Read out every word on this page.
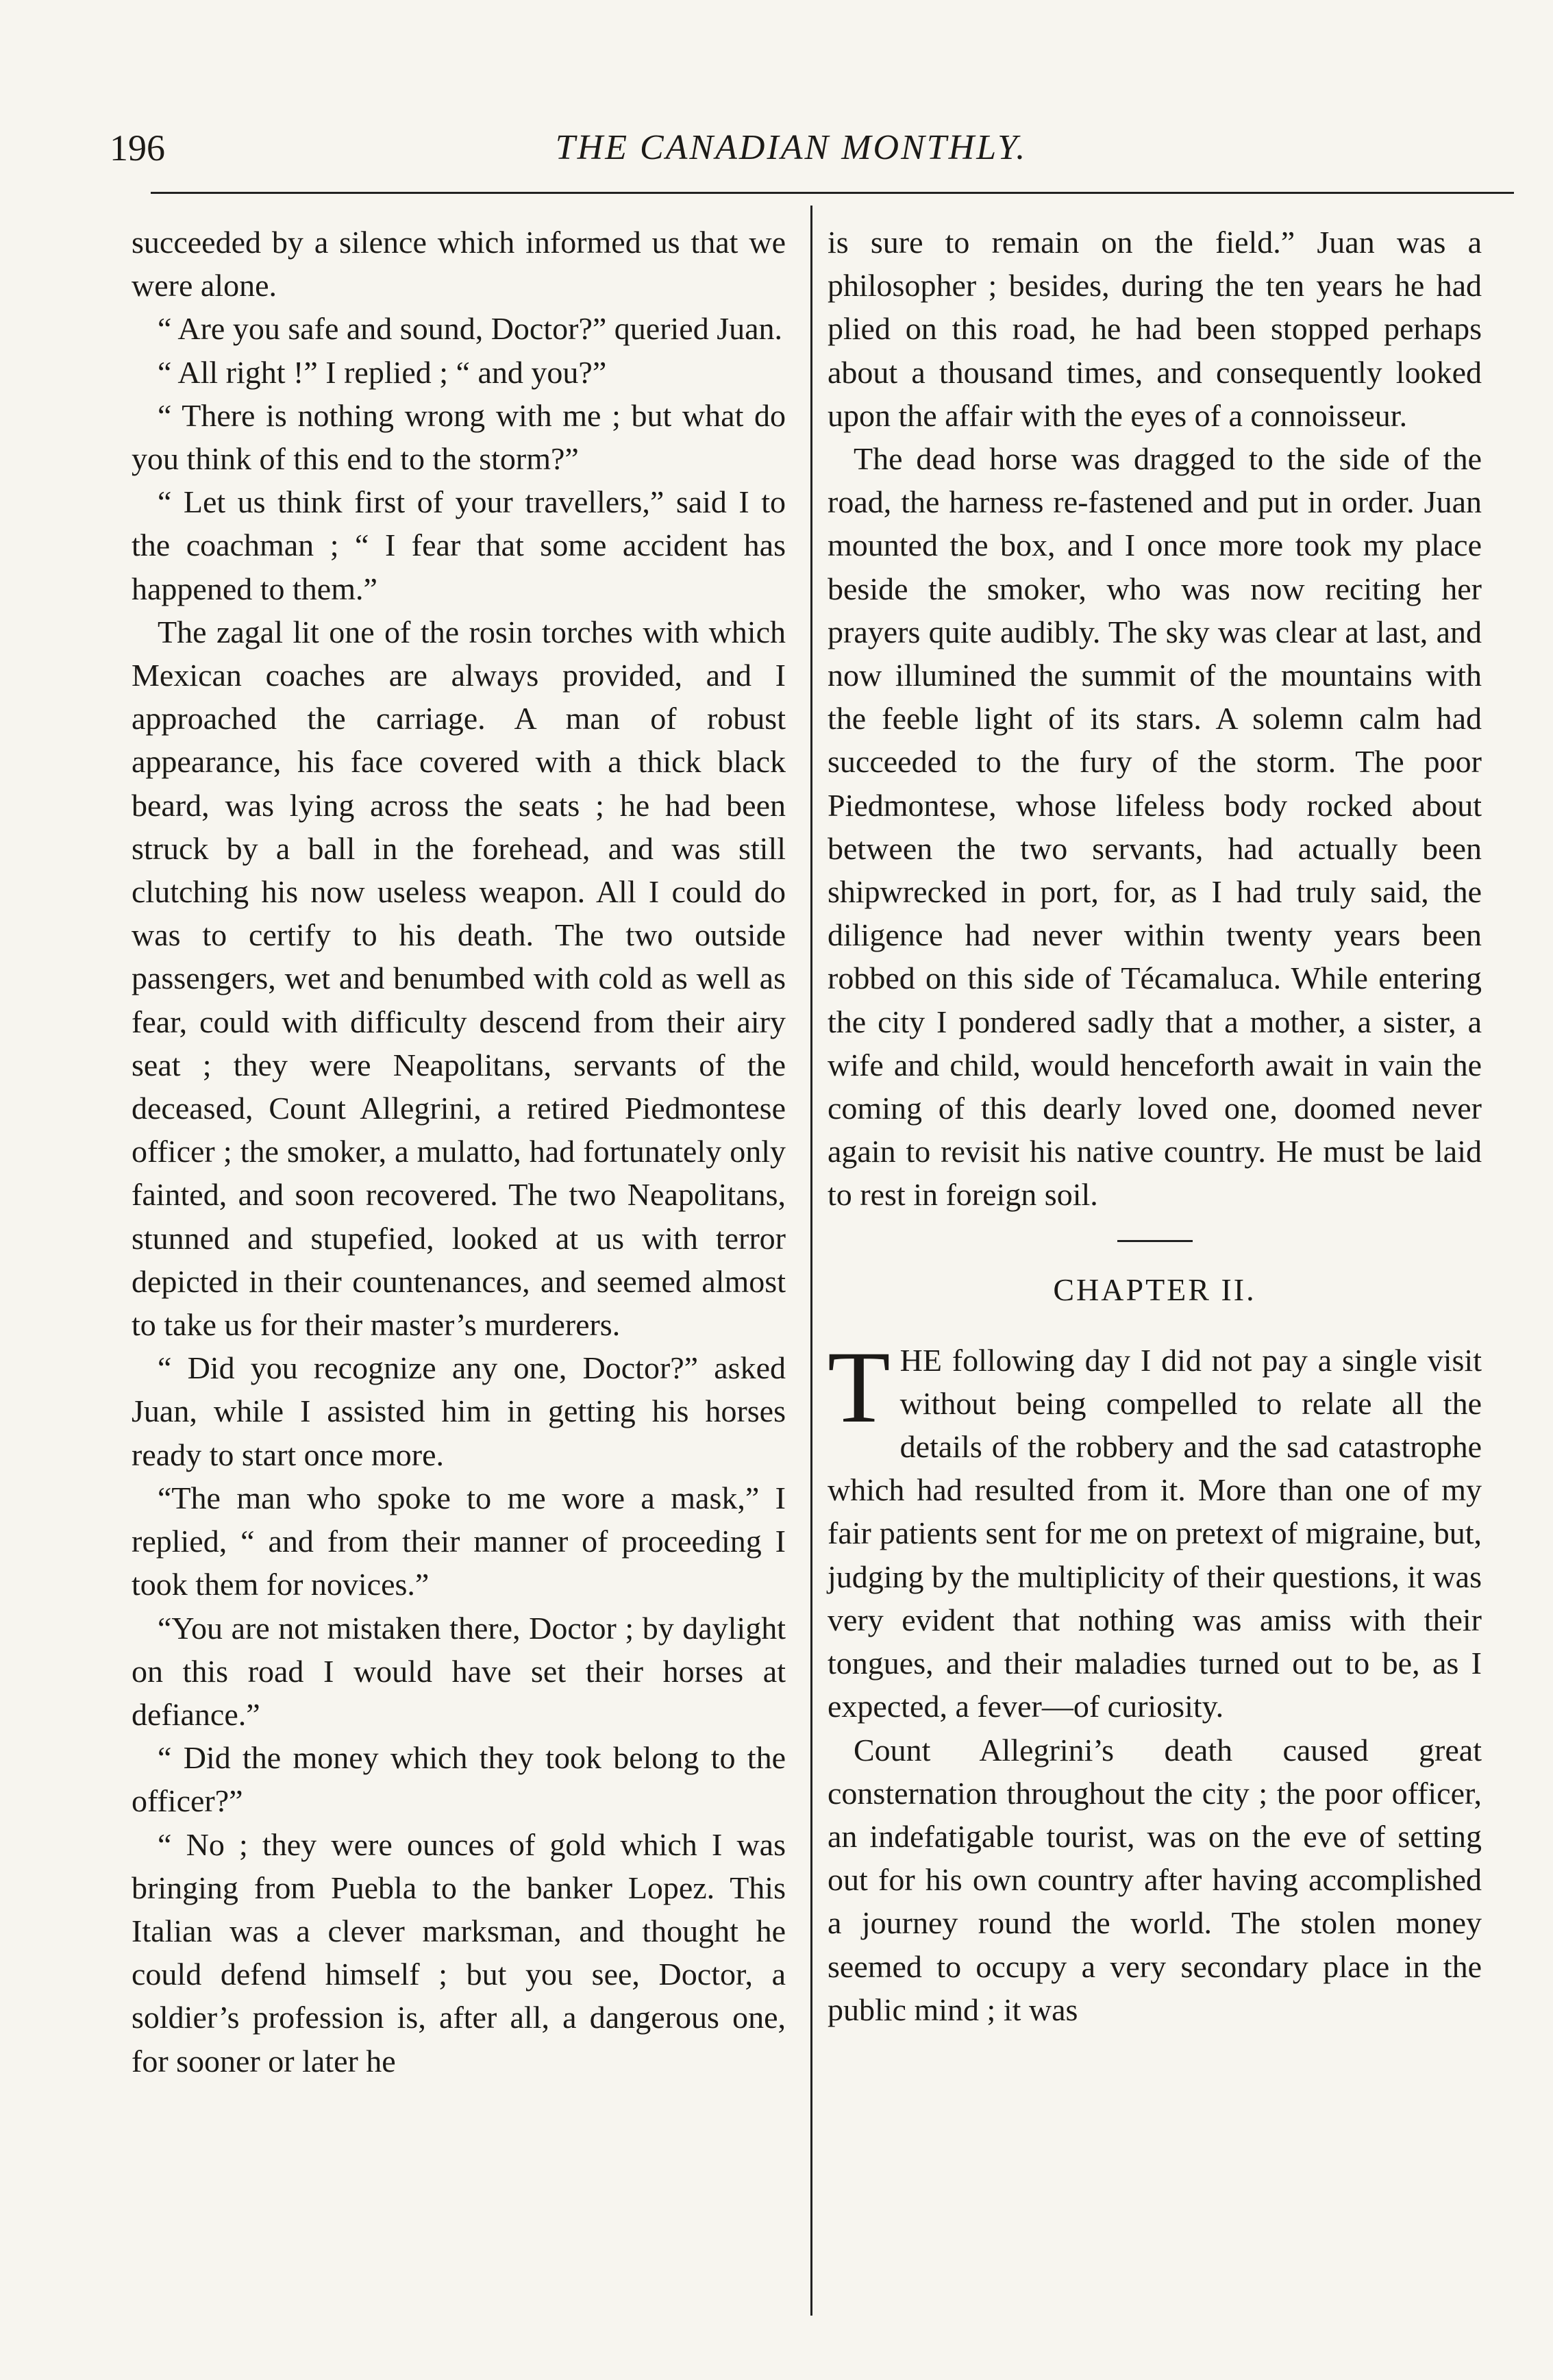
196	THE CANADIAN MONTHLY.

succeeded by a silence which informed us that we were alone.

“ Are you safe and sound, Doctor?” queried Juan.

“ All right !” I replied ; “ and you?”

“ There is nothing wrong with me ; but what do you think of this end to the storm?”

“ Let us think first of your travellers,” said I to the coachman ; “ I fear that some accident has happened to them.”

The zagal lit one of the rosin torches with which Mexican coaches are always provided, and I approached the carriage. A man of robust appearance, his face covered with a thick black beard, was lying across the seats ; he had been struck by a ball in the forehead, and was still clutching his now useless weapon. All I could do was to certify to his death. The two outside passengers, wet and benumbed with cold as well as fear, could with difficulty descend from their airy seat ; they were Neapolitans, servants of the deceased, Count Allegrini, a retired Piedmontese officer ; the smoker, a mulatto, had fortunately only fainted, and soon recovered. The two Neapolitans, stunned and stupefied, looked at us with terror depicted in their countenances, and seemed almost to take us for their master’s murderers.

“ Did you recognize any one, Doctor?” asked Juan, while I assisted him in getting his horses ready to start once more.

“The man who spoke to me wore a mask,” I replied, “ and from their manner of proceeding I took them for novices.”

“You are not mistaken there, Doctor ; by daylight on this road I would have set their horses at defiance.”

“ Did the money which they took belong to the officer?”

“ No ; they were ounces of gold which I was bringing from Puebla to the banker Lopez. This Italian was a clever marksman, and thought he could defend himself ; but you see, Doctor, a soldier’s profession is, after all, a dangerous one, for sooner or later he

is sure to remain on the field.” Juan was a philosopher ; besides, during the ten years he had plied on this road, he had been stopped perhaps about a thousand times, and consequently looked upon the affair with the eyes of a connoisseur.

The dead horse was dragged to the side of the road, the harness re-fastened and put in order. Juan mounted the box, and I once more took my place beside the smoker, who was now reciting her prayers quite audibly. The sky was clear at last, and now illumined the summit of the mountains with the feeble light of its stars. A solemn calm had succeeded to the fury of the storm. The poor Piedmontese, whose lifeless body rocked about between the two servants, had actually been shipwrecked in port, for, as I had truly said, the diligence had never within twenty years been robbed on this side of Técamaluca. While entering the city I pondered sadly that a mother, a sister, a wife and child, would henceforth await in vain the coming of this dearly loved one, doomed never again to revisit his native country. He must be laid to rest in foreign soil.

CHAPTER II.

THE following day I did not pay a single visit without being compelled to relate all the details of the robbery and the sad catastrophe which had resulted from it. More than one of my fair patients sent for me on pretext of migraine, but, judging by the multiplicity of their questions, it was very evident that nothing was amiss with their tongues, and their maladies turned out to be, as I expected, a fever—of curiosity.

Count Allegrini’s death caused great consternation throughout the city ; the poor officer, an indefatigable tourist, was on the eve of setting out for his own country after having accomplished a journey round the world. The stolen money seemed to occupy a very secondary place in the public mind ; it was
